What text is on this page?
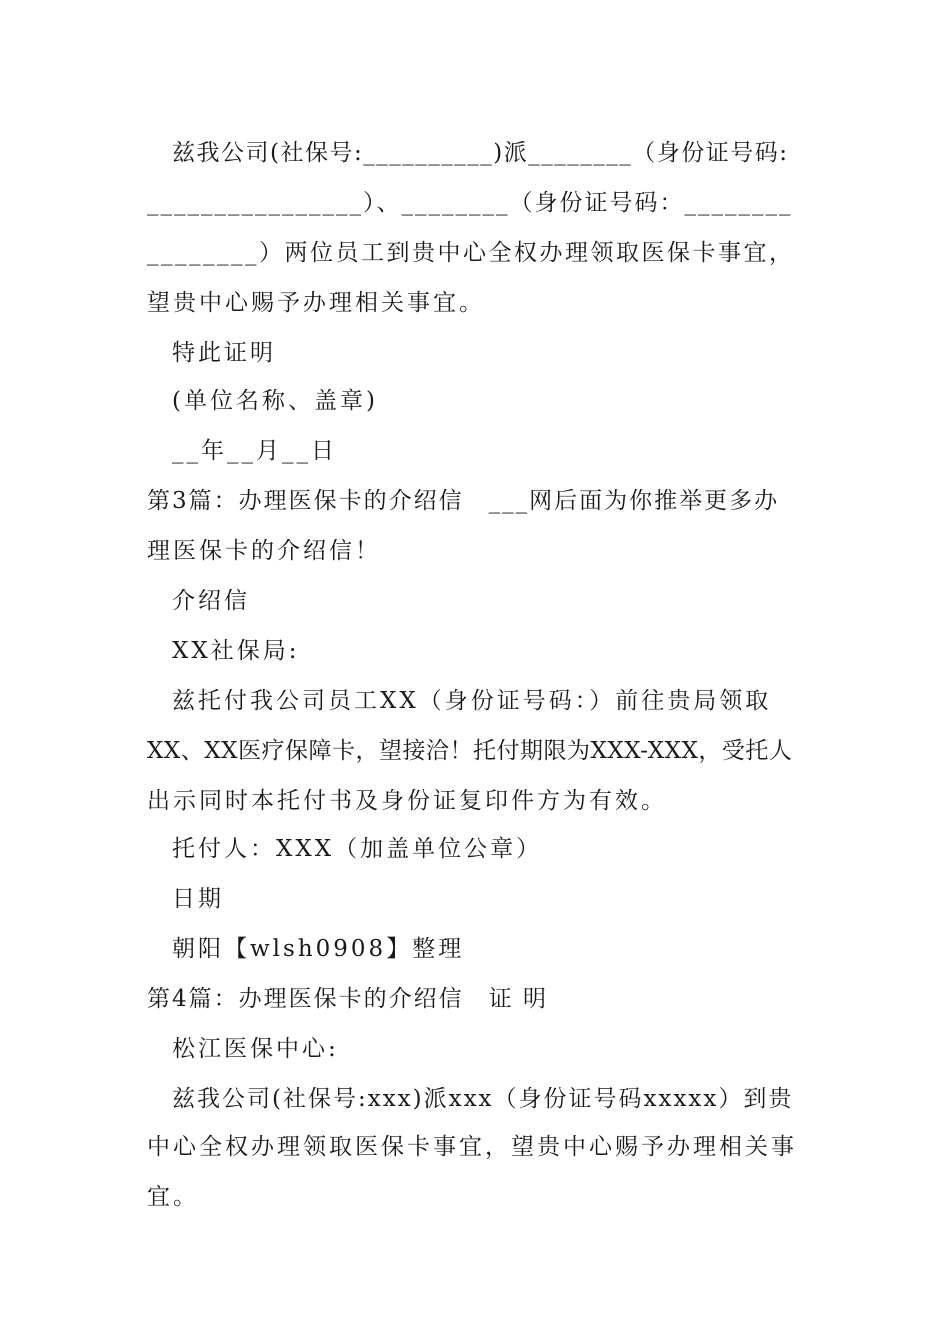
兹我公司(社保号:__________)派________（身份证号码:
________________）、________（身份证号码：________
________）两位员工到贵中心全权办理领取医保卡事宜，
望贵中心赐予办理相关事宜。
特此证明
(单位名称、盖章)
__年__月__日
第3篇：办理医保卡的介绍信　___网后面为你推举更多办
理医保卡的介绍信！
介绍信
XX社保局:
兹托付我公司员工XX（身份证号码：）前往贵局领取
XX、XX医疗保障卡，望接洽！托付期限为XXX-XXX，受托人
出示同时本托付书及身份证复印件方为有效。
托付人：XXX（加盖单位公章）
日期
朝阳【wlsh0908】整理
第4篇：办理医保卡的介绍信　证 明
松江医保中心:
兹我公司(社保号:xxx)派xxx（身份证号码xxxxx）到贵
中心全权办理领取医保卡事宜，望贵中心赐予办理相关事
宜。
